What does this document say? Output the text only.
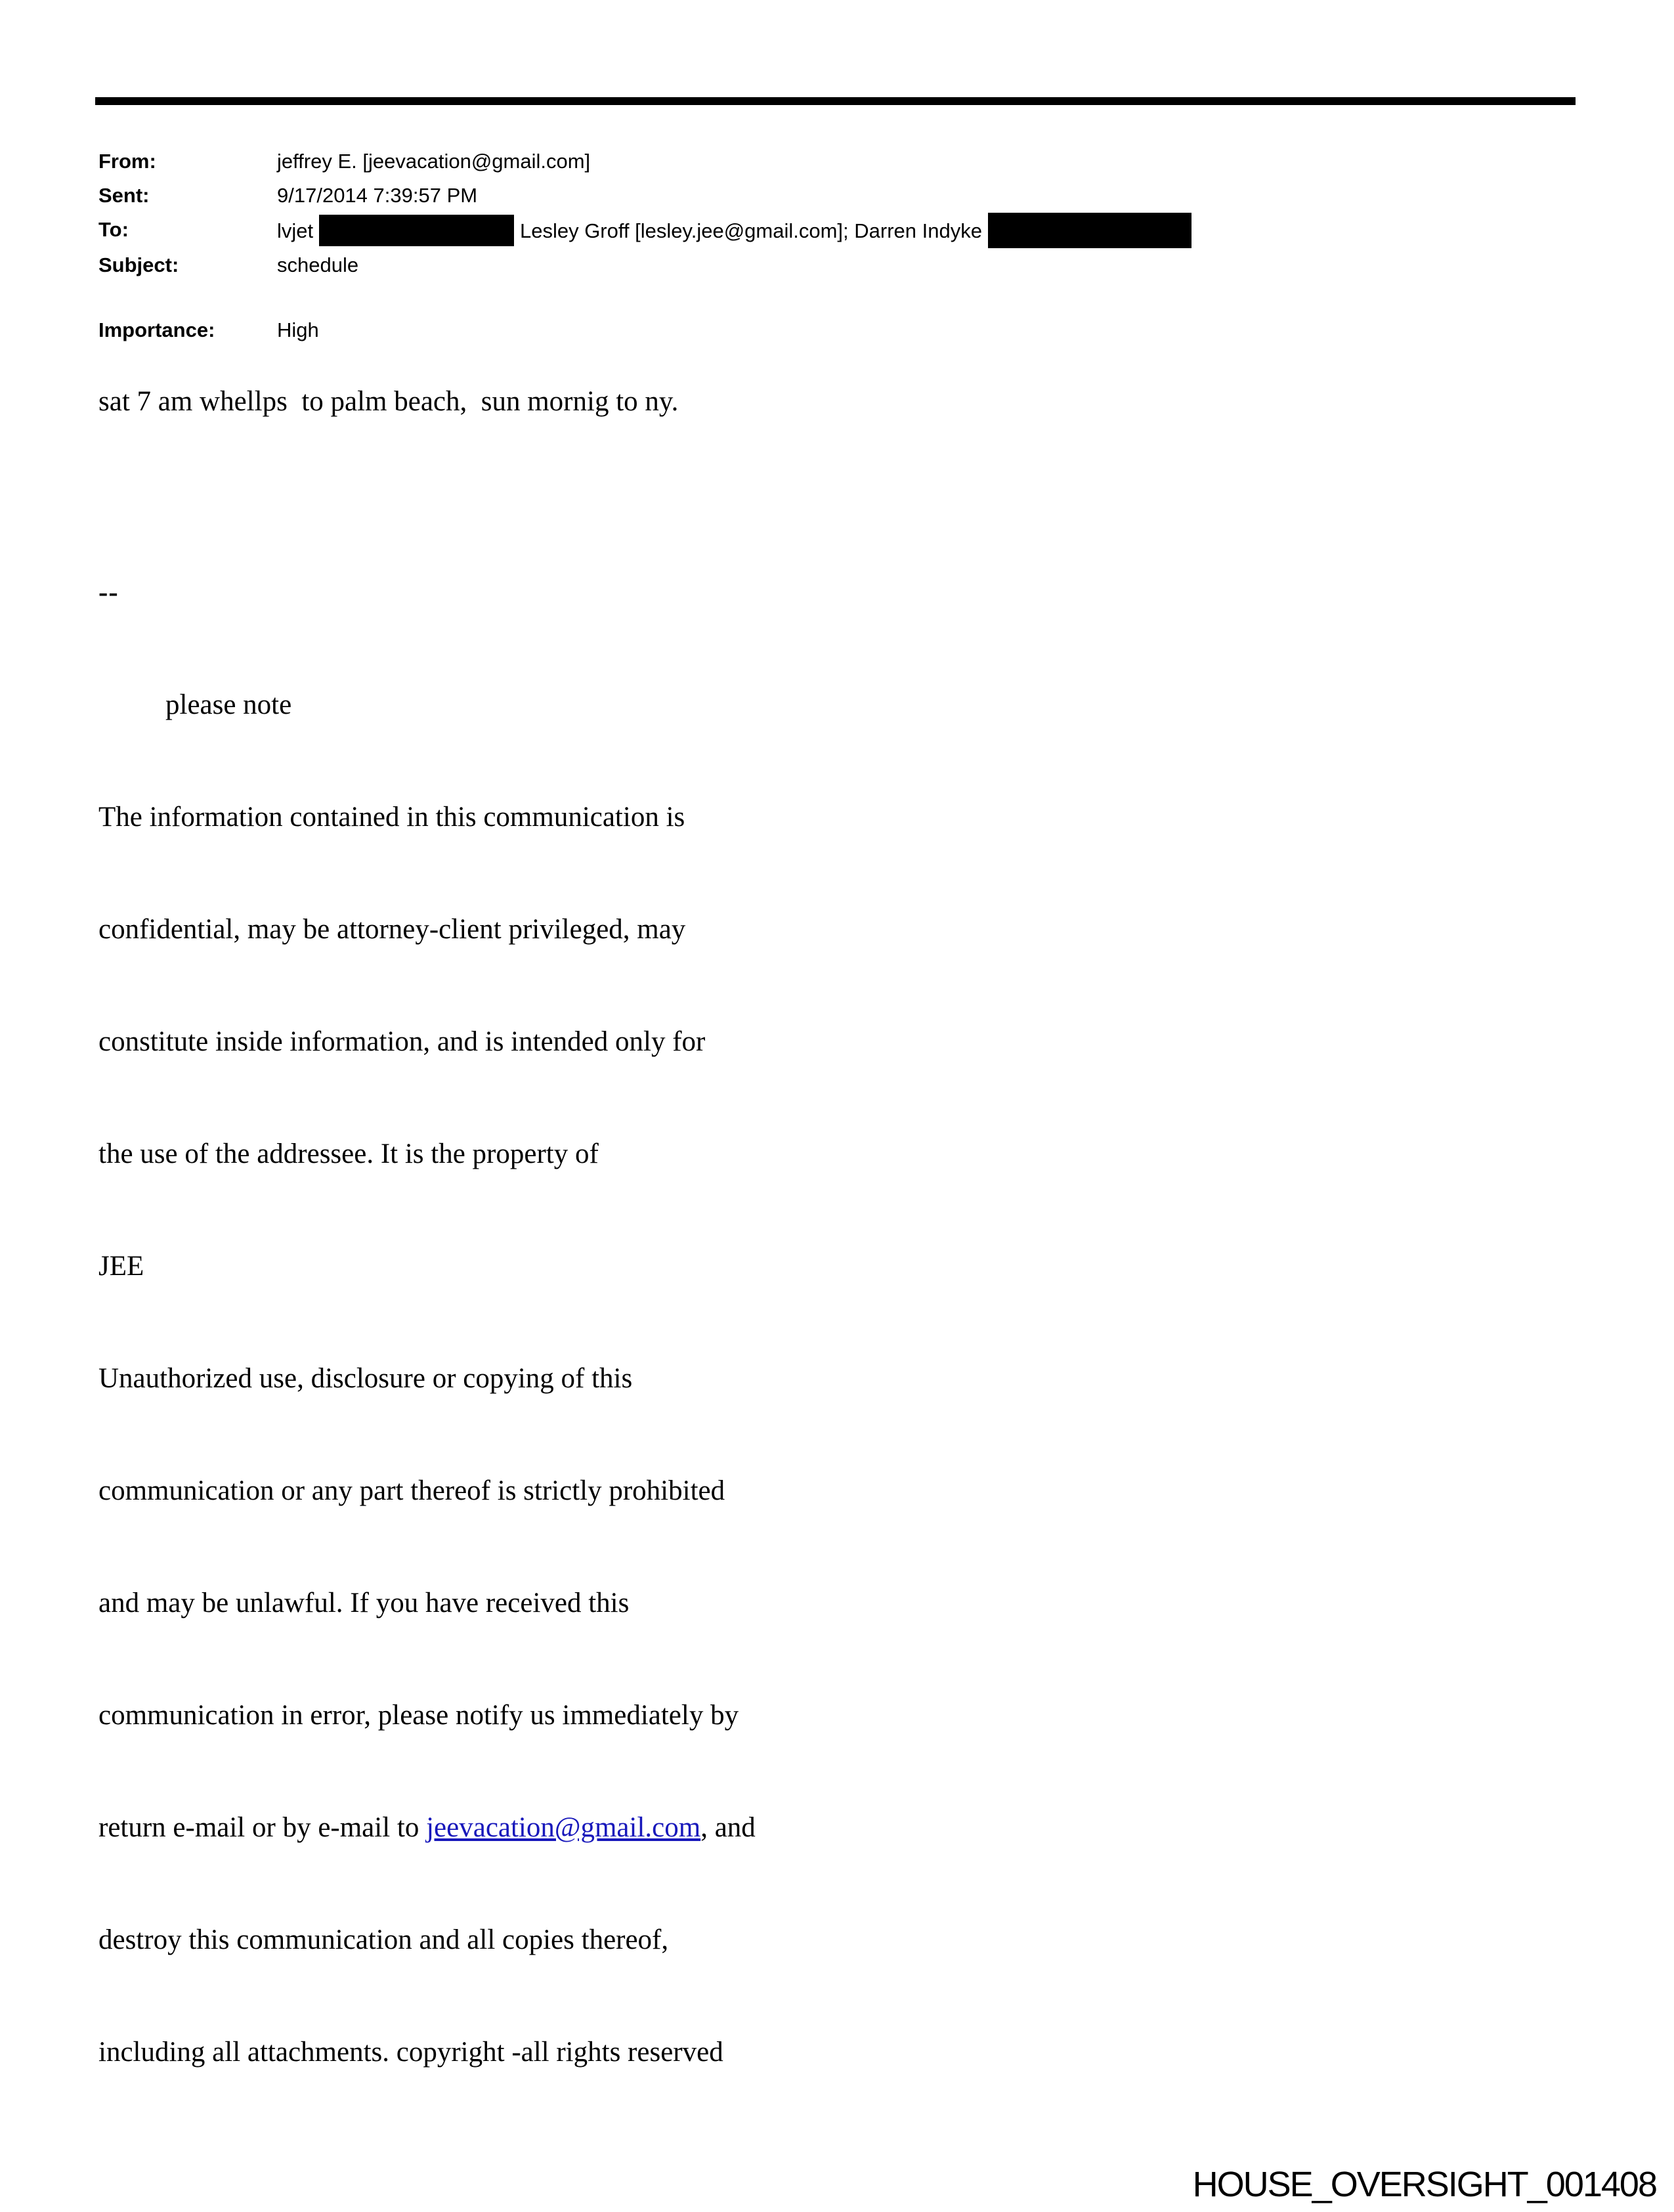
From:	jeffrey E. [jeevacation@gmail.com]
Sent:	9/17/2014 7:39:57 PM
To:	lvjet	; Lesley Groff [lesley.jee@gmail.com]; Darren Indyke	]
Subject:	schedule
Importance:	High
sat 7 am whellps  to palm beach,  sun mornig to ny.

--

please note

The information contained in this communication is

confidential, may be attorney-client privileged, may

constitute inside information, and is intended only for

the use of the addressee. It is the property of

JEE

Unauthorized use, disclosure or copying of this

communication or any part thereof is strictly prohibited

and may be unlawful. If you have received this

communication in error, please notify us immediately by

return e-mail or by e-mail to jeevacation@gmail.com, and

destroy this communication and all copies thereof,

including all attachments. copyright -all rights reserved

HOUSE_OVERSIGHT_001408
